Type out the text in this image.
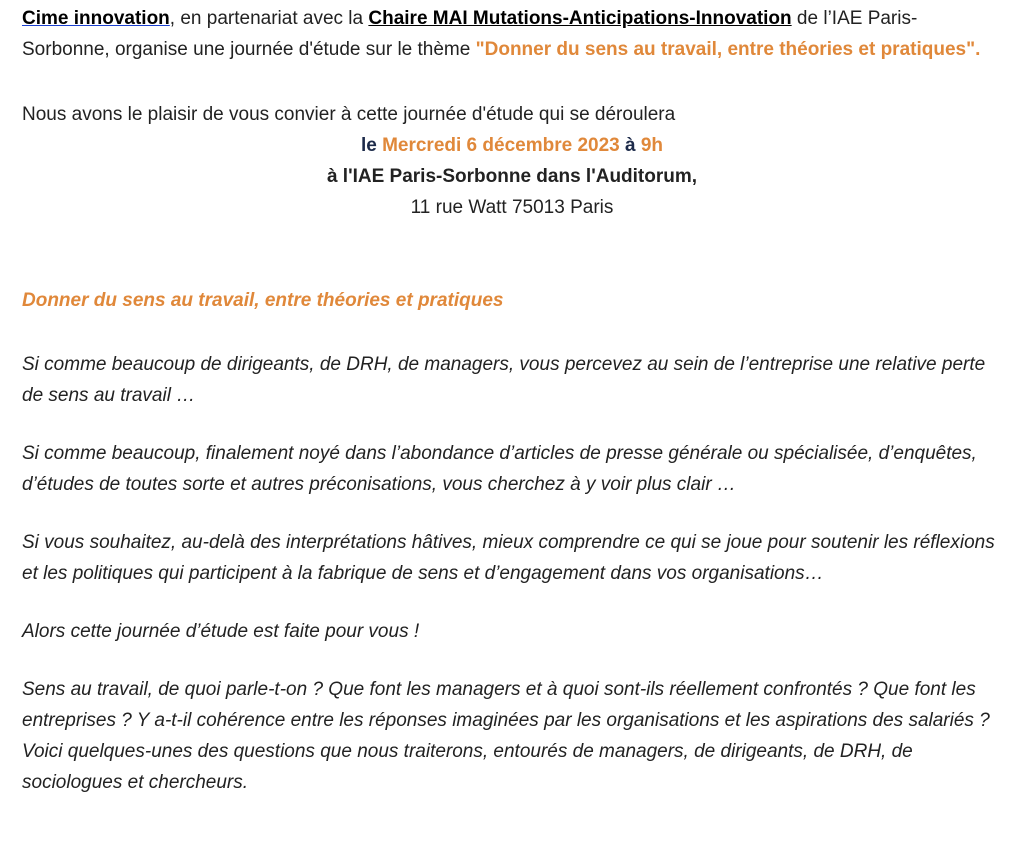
Cime innovation, en partenariat avec la Chaire MAI Mutations-Anticipations-Innovation de l’IAE Paris-Sorbonne, organise une journée d'étude sur le thème "Donner du sens au travail, entre théories et pratiques".

Nous avons le plaisir de vous convier à cette journée d'étude qui se déroulera
le Mercredi 6 décembre 2023 à 9h
à l'IAE Paris-Sorbonne dans l'Auditorum,
11 rue Watt 75013 Paris
Donner du sens au travail, entre théories et pratiques

Si comme beaucoup de dirigeants, de DRH, de managers, vous percevez au sein de l’entreprise une relative perte de sens au travail …

Si comme beaucoup, finalement noyé dans l’abondance d’articles de presse générale ou spécialisée, d’enquêtes, d’études de toutes sorte et autres préconisations, vous cherchez à y voir plus clair …

Si vous souhaitez, au-delà des interprétations hâtives, mieux comprendre ce qui se joue pour soutenir les réflexions et les politiques qui participent à la fabrique de sens et d’engagement dans vos organisations…

Alors cette journée d’étude est faite pour vous !

Sens au travail, de quoi parle-t-on ? Que font les managers et à quoi sont-ils réellement confrontés ? Que font les entreprises ? Y a-t-il cohérence entre les réponses imaginées par les organisations et les aspirations des salariés ? Voici quelques-unes des questions que nous traiterons, entourés de managers, de dirigeants, de DRH, de sociologues et chercheurs.
